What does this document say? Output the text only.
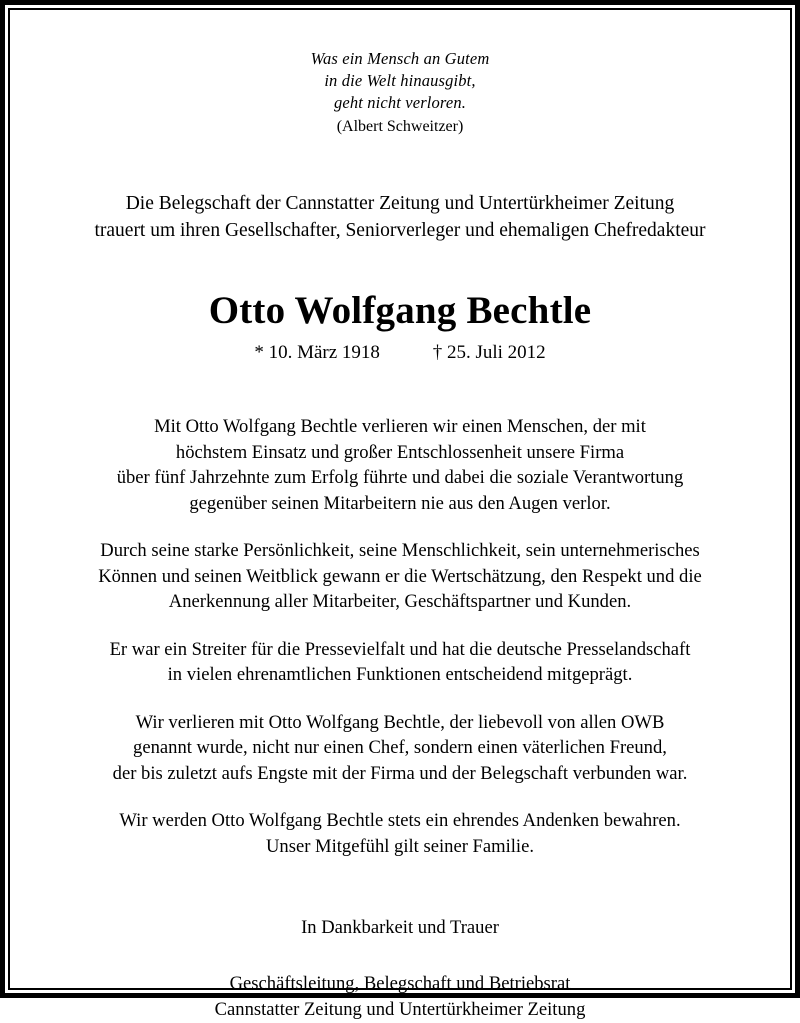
Was ein Mensch an Gutem
in die Welt hinausgibt,
geht nicht verloren.
(Albert Schweitzer)
Die Belegschaft der Cannstatter Zeitung und Untertürkheimer Zeitung
trauert um ihren Gesellschafter, Seniorverleger und ehemaligen Chefredakteur
Otto Wolfgang Bechtle
* 10. März 1918	† 25. Juli 2012
Mit Otto Wolfgang Bechtle verlieren wir einen Menschen, der mit
höchstem Einsatz und großer Entschlossenheit unsere Firma
über fünf Jahrzehnte zum Erfolg führte und dabei die soziale Verantwortung
gegenüber seinen Mitarbeitern nie aus den Augen verlor.
Durch seine starke Persönlichkeit, seine Menschlichkeit, sein unternehmerisches
Können und seinen Weitblick gewann er die Wertschätzung, den Respekt und die
Anerkennung aller Mitarbeiter, Geschäftspartner und Kunden.
Er war ein Streiter für die Pressevielfalt und hat die deutsche Presselandschaft
in vielen ehrenamtlichen Funktionen entscheidend mitgeprägt.
Wir verlieren mit Otto Wolfgang Bechtle, der liebevoll von allen OWB
genannt wurde, nicht nur einen Chef, sondern einen väterlichen Freund,
der bis zuletzt aufs Engste mit der Firma und der Belegschaft verbunden war.
Wir werden Otto Wolfgang Bechtle stets ein ehrendes Andenken bewahren.
Unser Mitgefühl gilt seiner Familie.
In Dankbarkeit und Trauer
Geschäftsleitung, Belegschaft und Betriebsrat
Cannstatter Zeitung und Untertürkheimer Zeitung
